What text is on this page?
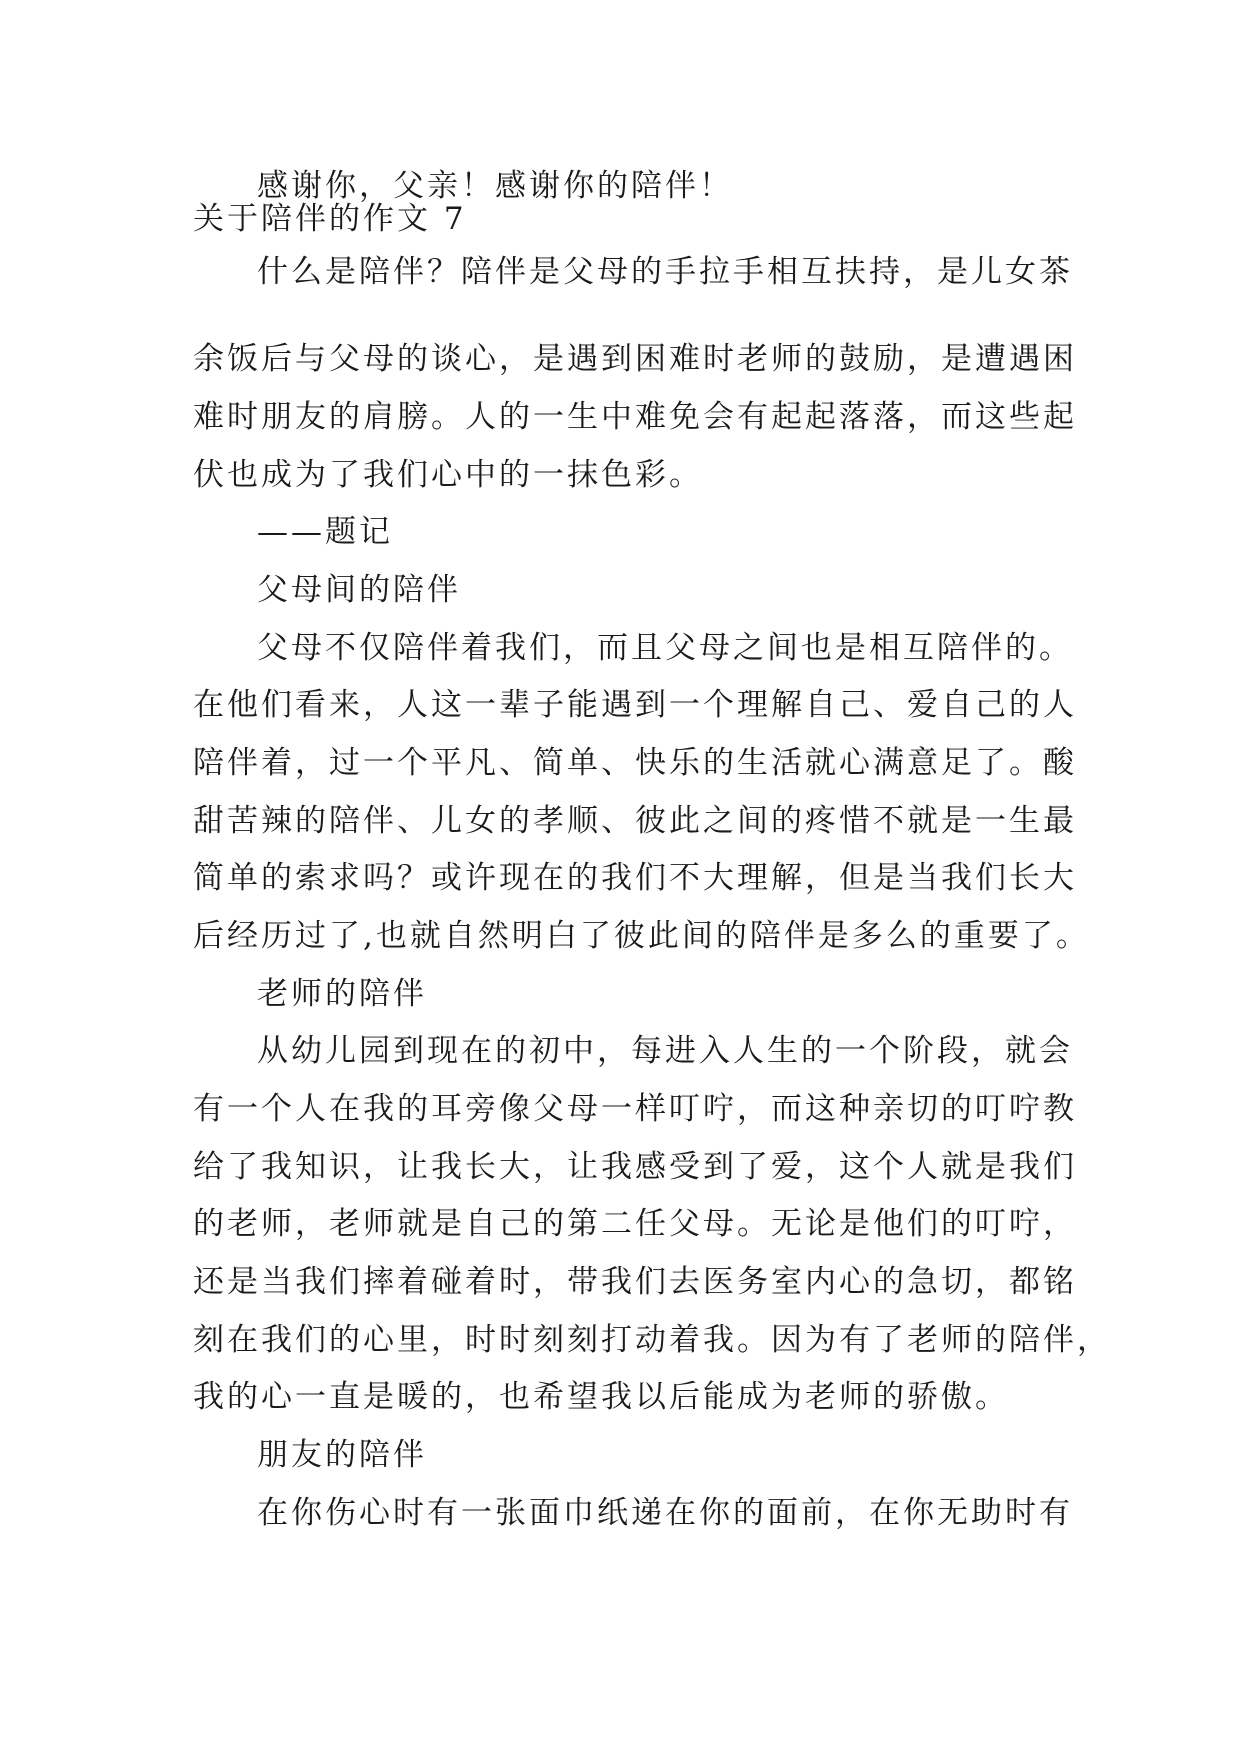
感谢你，父亲！感谢你的陪伴！
关于陪伴的作文 7
什么是陪伴？陪伴是父母的手拉手相互扶持，是儿女茶
余饭后与父母的谈心，是遇到困难时老师的鼓励，是遭遇困
难时朋友的肩膀。人的一生中难免会有起起落落，而这些起
伏也成为了我们心中的一抹色彩。
——题记
父母间的陪伴
父母不仅陪伴着我们，而且父母之间也是相互陪伴的。
在他们看来，人这一辈子能遇到一个理解自己、爱自己的人
陪伴着，过一个平凡、简单、快乐的生活就心满意足了。酸
甜苦辣的陪伴、儿女的孝顺、彼此之间的疼惜不就是一生最
简单的索求吗？或许现在的我们不大理解，但是当我们长大
后经历过了,也就自然明白了彼此间的陪伴是多么的重要了。
老师的陪伴
从幼儿园到现在的初中，每进入人生的一个阶段，就会
有一个人在我的耳旁像父母一样叮咛，而这种亲切的叮咛教
给了我知识，让我长大，让我感受到了爱，这个人就是我们
的老师，老师就是自己的第二任父母。无论是他们的叮咛，
还是当我们摔着碰着时，带我们去医务室内心的急切，都铭
刻在我们的心里，时时刻刻打动着我。因为有了老师的陪伴，
我的心一直是暖的，也希望我以后能成为老师的骄傲。
朋友的陪伴
在你伤心时有一张面巾纸递在你的面前，在你无助时有
